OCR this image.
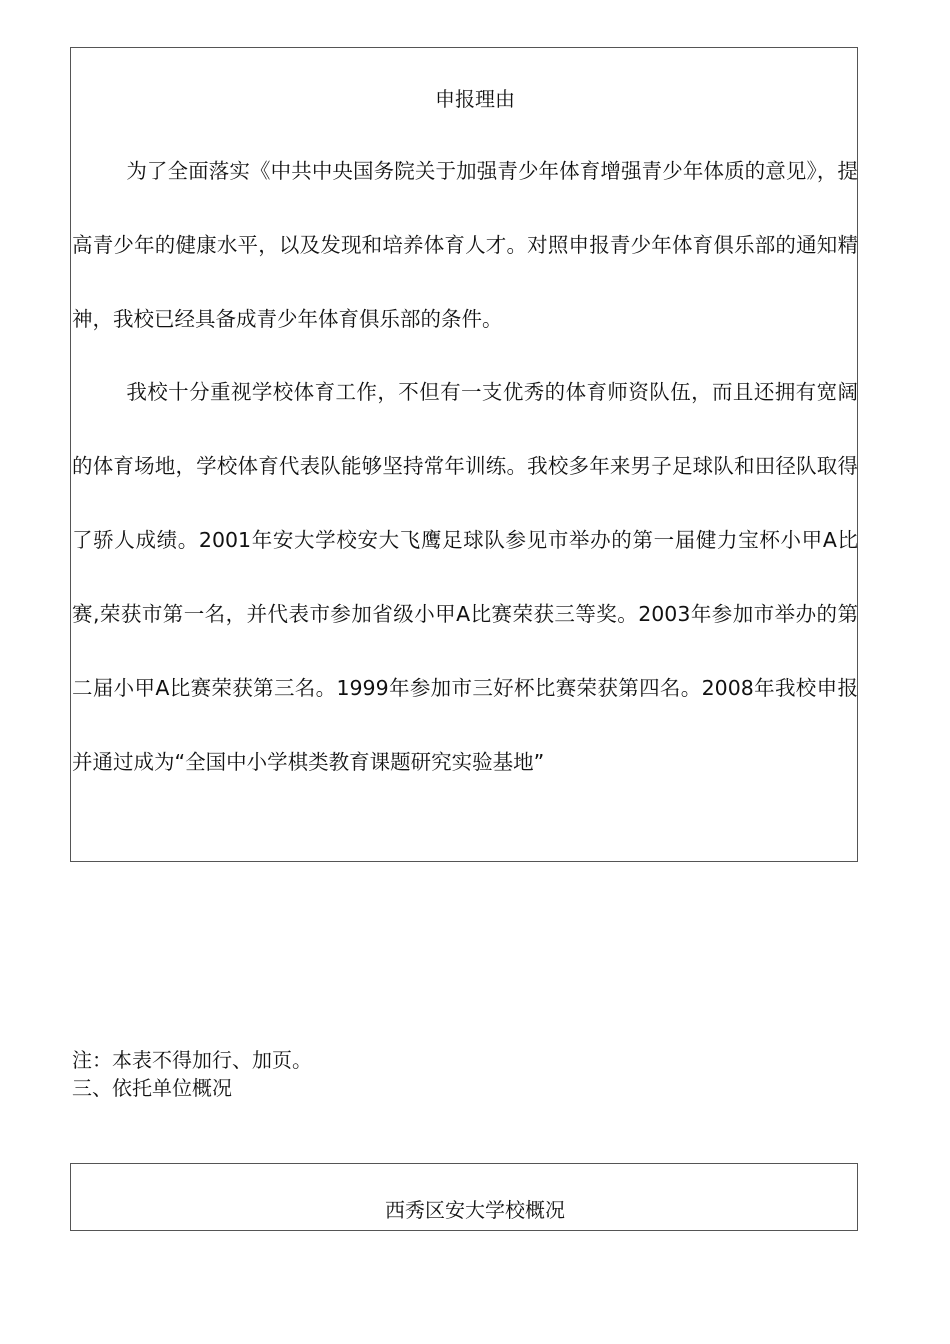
申报理由

为了全面落实《中共中央国务院关于加强青少年体育增强青少年体质的意见》，提高青少年的健康水平，以及发现和培养体育人才。对照申报青少年体育俱乐部的通知精神，我校已经具备成青少年体育俱乐部的条件。

我校十分重视学校体育工作，不但有一支优秀的体育师资队伍，而且还拥有宽阔的体育场地，学校体育代表队能够坚持常年训练。我校多年来男子足球队和田径队取得了骄人成绩。2001年安大学校安大飞鹰足球队参见市举办的第一届健力宝杯小甲A比赛,荣获市第一名，并代表市参加省级小甲A比赛荣获三等奖。2003年参加市举办的第二届小甲A比赛荣获第三名。1999年参加市三好杯比赛荣获第四名。2008年我校申报并通过成为“全国中小学棋类教育课题研究实验基地”

注：本表不得加行、加页。
三、依托单位概况
西秀区安大学校概况
